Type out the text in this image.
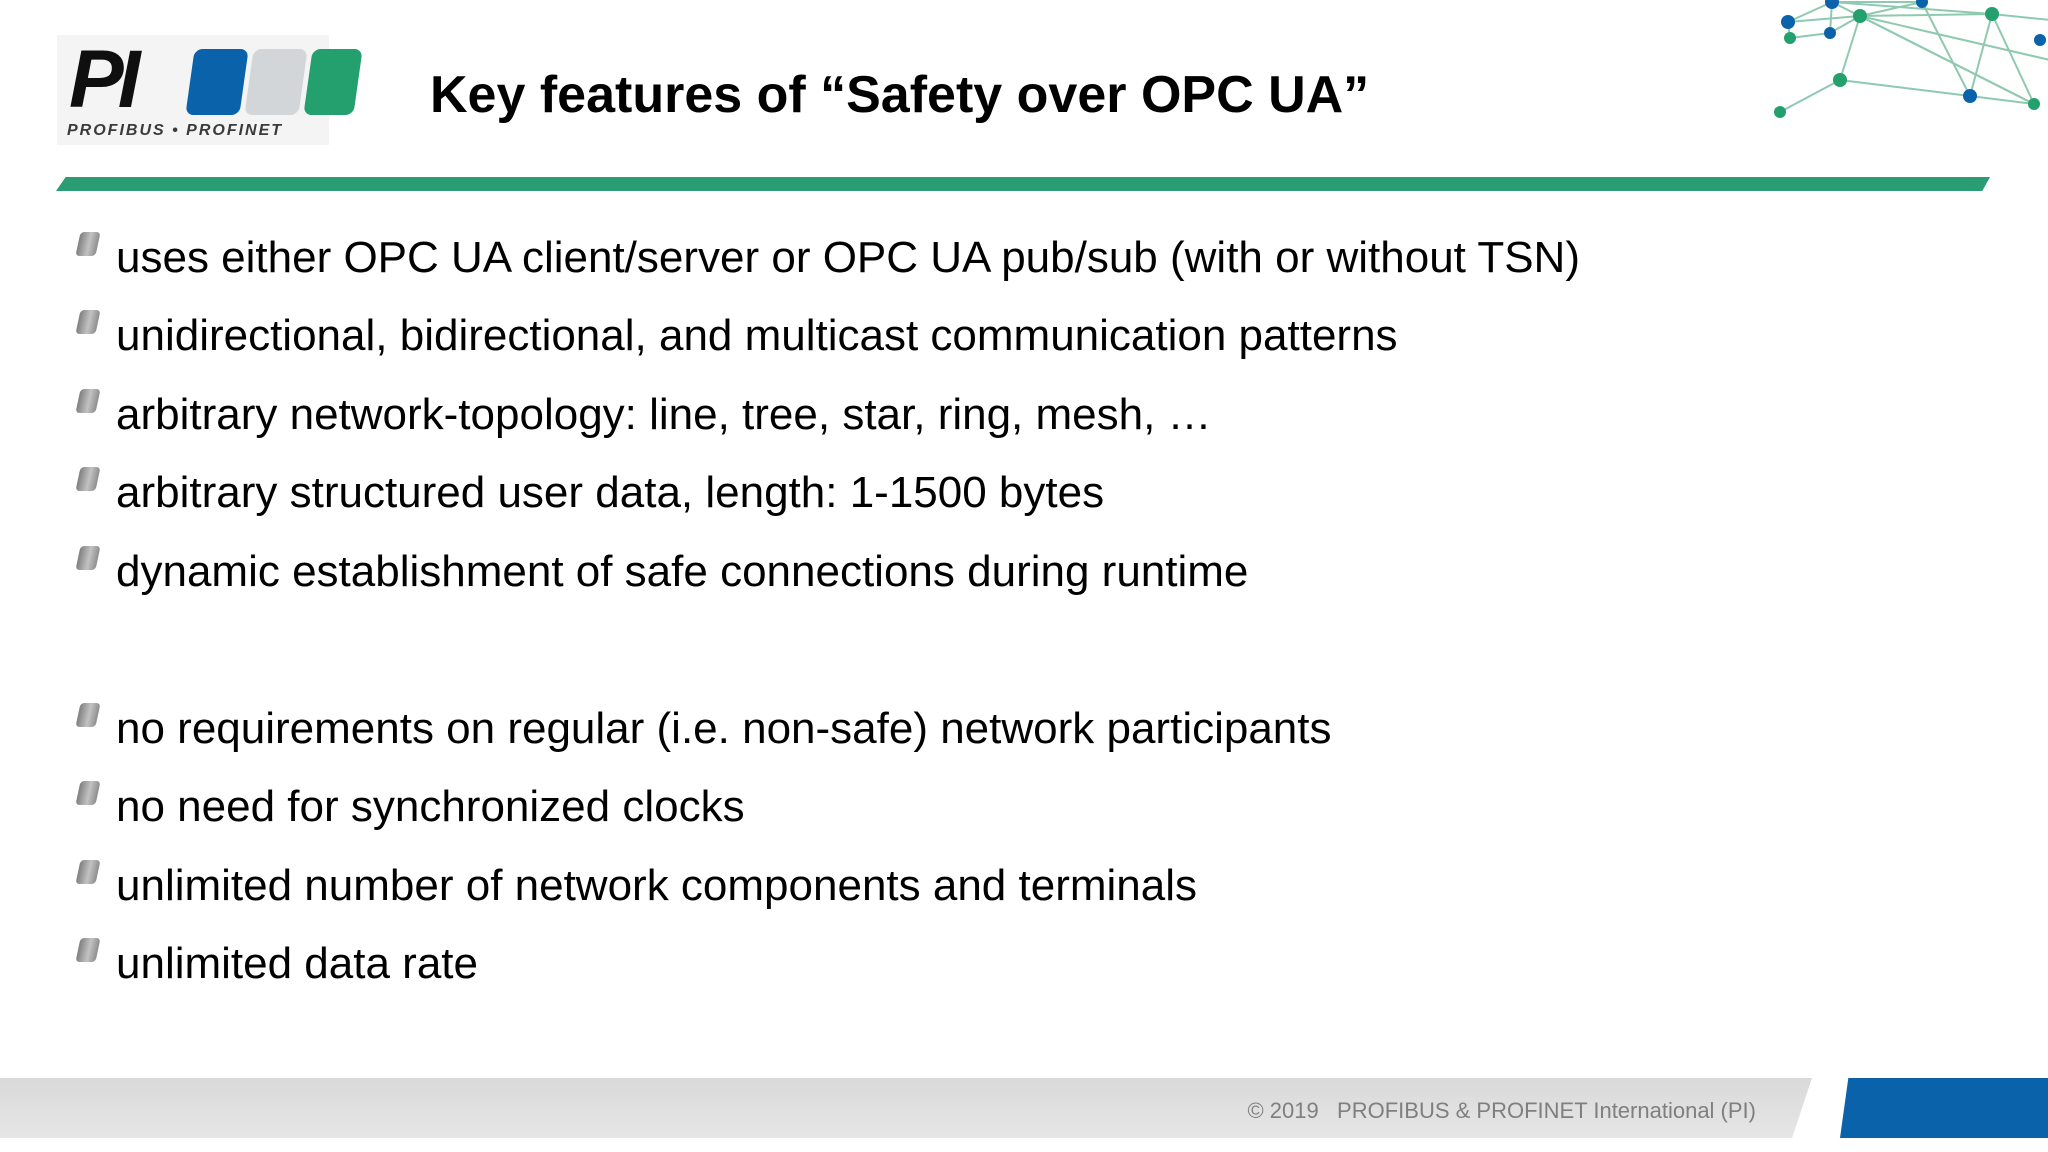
PI
PROFIBUS • PROFINET
Key features of “Safety over OPC UA”
uses either OPC UA client/server or OPC UA pub/sub (with or without TSN)
unidirectional, bidirectional, and multicast communication patterns
arbitrary network-topology: line, tree, star, ring, mesh, …
arbitrary structured user data, length: 1-1500 bytes
dynamic establishment of safe connections during runtime
no requirements on regular (i.e. non-safe) network participants
no need for synchronized clocks
unlimited number of network components and terminals
unlimited data rate
© 2019   PROFIBUS & PROFINET International (PI)
